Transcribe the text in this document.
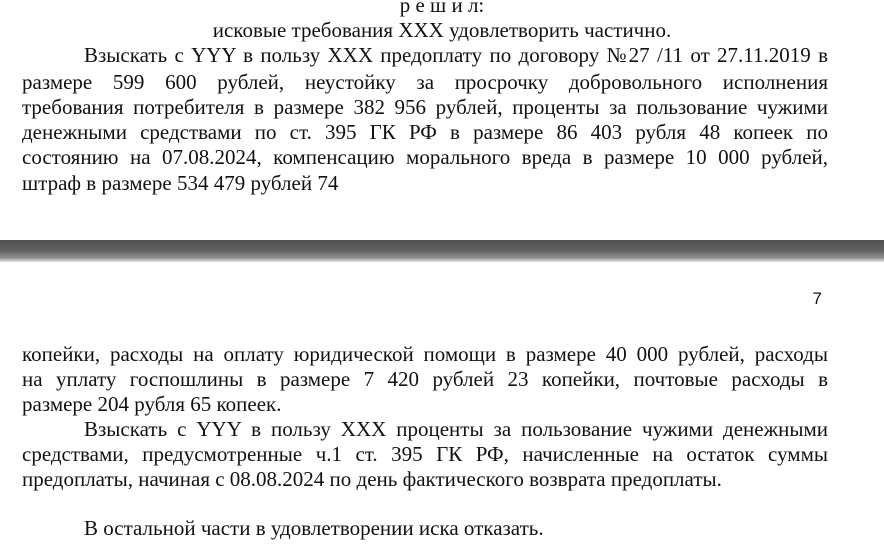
р е ш и л:
исковые требования XXX удовлетворить частично.
Взыскать с YYY в пользу XXX предоплату по договору №27 /11 от 27.11.2019 в
размере 599 600 рублей, неустойку за просрочку добровольного исполнения
требования потребителя в размере 382 956 рублей, проценты за пользование чужими
денежными средствами по ст. 395 ГК РФ в размере 86 403 рубля 48 копеек по
состоянию на 07.08.2024, компенсацию морального вреда в размере 10 000 рублей,
штраф в размере 534 479 рублей 74
7
копейки, расходы на оплату юридической помощи в размере 40 000 рублей, расходы
на уплату госпошлины в размере 7 420 рублей 23 копейки, почтовые расходы в
размере 204 рубля 65 копеек.
Взыскать с YYY в пользу XXX проценты за пользование чужими денежными
средствами, предусмотренные ч.1 ст. 395 ГК РФ, начисленные на остаток суммы
предоплаты, начиная с 08.08.2024 по день фактического возврата предоплаты.
В остальной части в удовлетворении иска отказать.
